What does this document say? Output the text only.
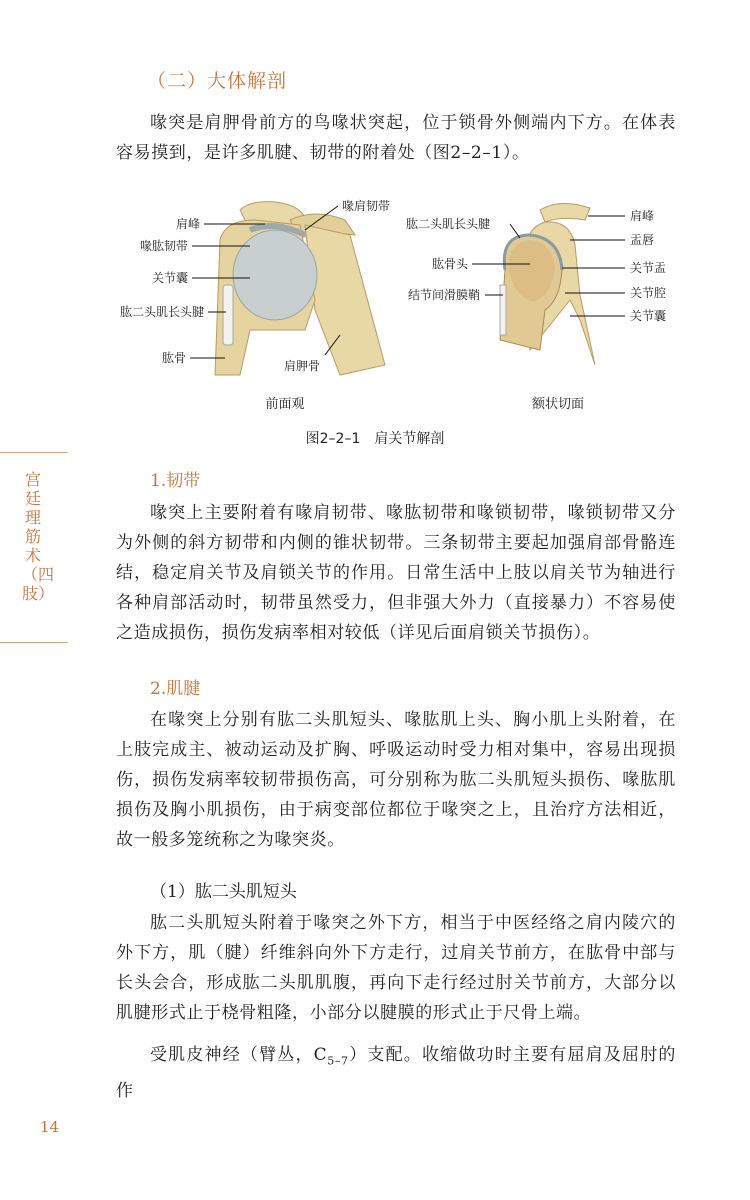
（二）大体解剖

喙突是肩胛骨前方的鸟喙状突起，位于锁骨外侧端内下方。在体表容易摸到，是许多肌腱、韧带的附着处（图2–2–1）。

肩峰
喙肱韧带
关节囊
肱二头肌长头腱
肱骨
喙肩韧带
肩胛骨
肱二头肌长头腱
肱骨头
结节间滑膜鞘
肩峰
盂唇
关节盂
关节腔
关节囊
前面观	额状切面
图2–2–1　肩关节解剖
宫廷理筋术（四肢）
1.韧带

喙突上主要附着有喙肩韧带、喙肱韧带和喙锁韧带，喙锁韧带又分为外侧的斜方韧带和内侧的锥状韧带。三条韧带主要起加强肩部骨骼连结，稳定肩关节及肩锁关节的作用。日常生活中上肢以肩关节为轴进行各种肩部活动时，韧带虽然受力，但非强大外力（直接暴力）不容易使之造成损伤，损伤发病率相对较低（详见后面肩锁关节损伤）。

2.肌腱

在喙突上分别有肱二头肌短头、喙肱肌上头、胸小肌上头附着，在上肢完成主、被动运动及扩胸、呼吸运动时受力相对集中，容易出现损伤，损伤发病率较韧带损伤高，可分别称为肱二头肌短头损伤、喙肱肌损伤及胸小肌损伤，由于病变部位都位于喙突之上，且治疗方法相近，故一般多笼统称之为喙突炎。

（1）肱二头肌短头

肱二头肌短头附着于喙突之外下方，相当于中医经络之肩内陵穴的外下方，肌（腱）纤维斜向外下方走行，过肩关节前方，在肱骨中部与长头会合，形成肱二头肌肌腹，再向下走行经过肘关节前方，大部分以肌腱形式止于桡骨粗隆，小部分以腱膜的形式止于尺骨上端。

受肌皮神经（臂丛，$C_{5-7}$）支配。收缩做功时主要有屈肩及屈肘的作

14
